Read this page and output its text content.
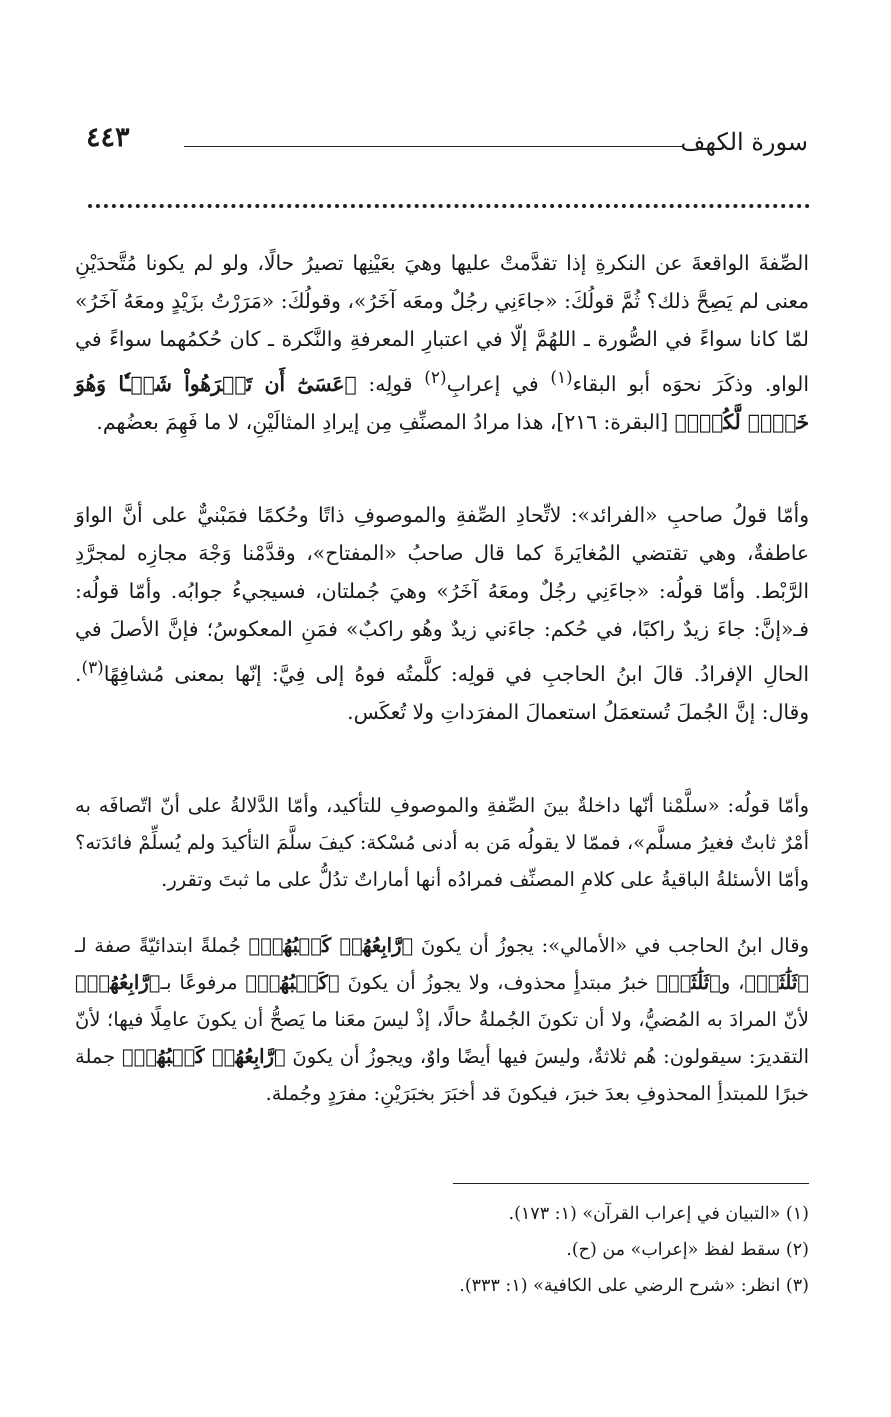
سورة الكهف
٤٤٣

الصِّفةَ الواقعةَ عن النكرةِ إذا تقدَّمتْ عليها وهيَ بعَيْنِها تصيرُ حالًا، ولو لم يكونا مُتَّحدَيْنِ معنى لم يَصِحَّ ذلك؟ ثُمَّ قولُكَ: «جاءَنِي رجُلٌ ومعَه آخَرُ»، وقولُكَ: «مَرَرْتُ بزَيْدٍ ومعَهُ آخَرُ» لمّا كانا سواءً في الصُّورة ـ اللهُمَّ إلّا في اعتبارِ المعرفةِ والنَّكرة ـ كان حُكمُهما سواءً في الواو. وذكَرَ نحوَه أبو البقاء$^{(١)}$ في إعرابِ$^{(٢)}$ قولِه: ﴿عَسَىٰٓ أَن تَكۡرَهُواْ شَيۡـٔٗا وَهُوَ خَيۡرٞ لَّكُمۡۖ﴾ [البقرة: ٢١٦]، هذا مرادُ المصنِّفِ مِن إيرادِ المثالَيْنِ، لا ما فَهِمَ بعضُهم.

وأمّا قولُ صاحبِ «الفرائد»: لاتِّحادِ الصِّفةِ والموصوفِ ذاتًا وحُكمًا فمَبْنيٌّ على أنَّ الواوَ عاطفةٌ، وهي تقتضي المُغايَرةَ كما قال صاحبُ «المفتاح»، وقدَّمْنا وَجْهَ مجازِه لمجرَّدِ الرَّبْط. وأمّا قولُه: «جاءَنِي رجُلٌ ومعَهُ آخَرُ» وهيَ جُملتان، فسيجيءُ جوابُه. وأمّا قولُه: فـ«إنَّ: جاءَ زيدٌ راكبًا، في حُكم: جاءَني زيدٌ وهُو راكبٌ» فمَنِ المعكوسُ؛ فإنَّ الأصلَ في الحالِ الإفرادُ. قالَ ابنُ الحاجبِ في قولِه: كلَّمتُه فوهُ إلى فِيَّ: إنّها بمعنى مُشافِهًا$^{(٣)}$. وقال: إنَّ الجُملَ تُستعمَلُ استعمالَ المفرَداتِ ولا تُعكَس.

وأمّا قولُه: «سلَّمْنا أنّها داخلةٌ بينَ الصِّفةِ والموصوفِ للتأكيد، وأمّا الدَّلالةُ على أنّ اتّصافَه به أمْرٌ ثابتٌ فغيرُ مسلَّم»، فممّا لا يقولُه مَن به أدنى مُسْكة: كيفَ سلَّمَ التأكيدَ ولم يُسلِّمْ فائدَته؟ وأمّا الأسئلةُ الباقيةُ على كلامِ المصنِّف فمرادُه أنها أماراتٌ تدُلُّ على ما ثبتَ وتقرر.

وقال ابنُ الحاجب في «الأمالي»: يجوزُ أن يكونَ ﴿رَّابِعُهُمۡ كَلۡبُهُمۡ﴾ جُملةً ابتدائيّةً صفة لـ ﴿ثَلَٰثَةٞ﴾، و﴿ثَلَٰثَةٞ﴾ خبرُ مبتدأٍ محذوف، ولا يجوزُ أن يكونَ ﴿كَلۡبُهُمۡ﴾ مرفوعًا بـ﴿رَّابِعُهُمۡ﴾ لأنّ المرادَ به المُضيُّ، ولا أن تكونَ الجُملةُ حالًا، إذْ ليسَ معَنا ما يَصحُّ أن يكونَ عامِلًا فيها؛ لأنّ التقديرَ: سيقولون: هُم ثلاثةٌ، وليسَ فيها أيضًا واوٌ، ويجوزُ أن يكونَ ﴿رَّابِعُهُمۡ كَلۡبُهُمۡ﴾ جملة خبرًا للمبتدأِ المحذوفِ بعدَ خبرَ، فيكونَ قد أخبَرَ بخبَرَيْنِ: مفرَدٍ وجُملة.

(١) «التبيان في إعراب القرآن» (١: ١٧٣).

(٢) سقط لفظ «إعراب» من (ح).

(٣) انظر: «شرح الرضي على الكافية» (١: ٣٣٣).
